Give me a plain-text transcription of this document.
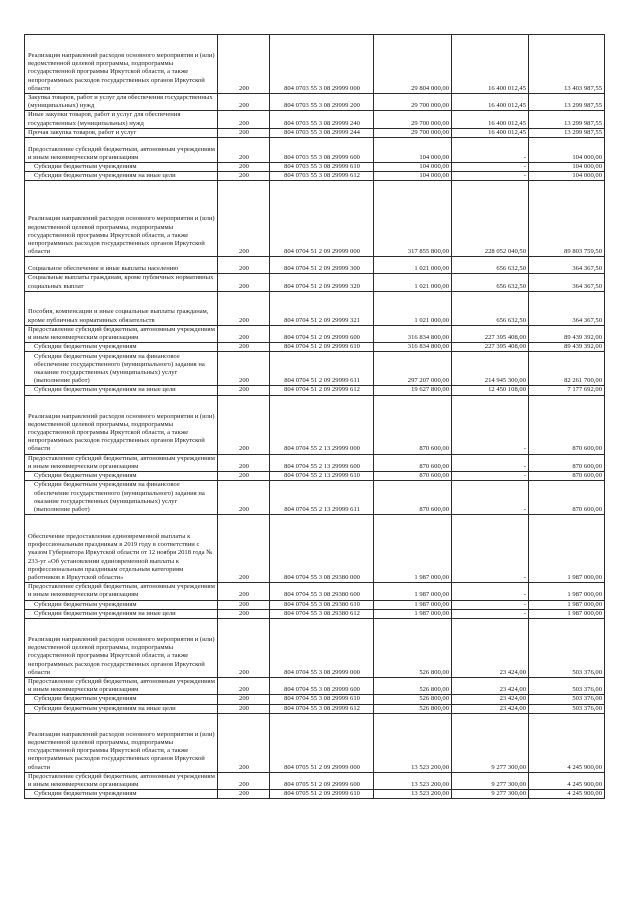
Реализация направлений расходов основного мероприятия и (или) ведомственной целевой программы, подпрограммы государственной программы Иркутской области, а также непрограммных расходов государственных органов Иркутской области	200	804 0703 55 3 08 29999 000	29 804 000,00	16 400 012,45	13 403 987,55

Закупка товаров, работ и услуг для обеспечения государственных (муниципальных) нужд	200	804 0703 55 3 08 29999 200	29 700 000,00	16 400 012,45	13 299 987,55

Иные закупки товаров, работ и услуг для обеспечения государственных (муниципальных) нужд	200	804 0703 55 3 08 29999 240	29 700 000,00	16 400 012,45	13 299 987,55

Прочая закупка товаров, работ и услуг	200	804 0703 55 3 08 29999 244	29 700 000,00	16 400 012,45	13 299 987,55

Предоставление субсидий бюджетным, автономным учреждениям и иным некоммерческим организациям	200	804 0703 55 3 08 29999 600	104 000,00	-	104 000,00

Субсидии бюджетным учреждениям	200	804 0703 55 3 08 29999 610	104 000,00	-	104 000,00

Субсидии бюджетным учреждениям на иные цели	200	804 0703 55 3 08 29999 612	104 000,00	-	104 000,00

Реализация направлений расходов основного мероприятия и (или) ведомственной целевой программы, подпрограммы государственной программы Иркутской области, а также непрограммных расходов государственных органов Иркутской области	200	804 0704 51 2 09 29999 000	317 855 800,00	228 052 040,50	89 803 759,50

Социальное обеспечение и иные выплаты населению	200	804 0704 51 2 09 29999 300	1 021 000,00	656 632,50	364 367,50

Социальные выплаты гражданам, кроме публичных нормативных социальных выплат	200	804 0704 51 2 09 29999 320	1 021 000,00	656 632,50	364 367,50

Пособия, компенсации и иные социальные выплаты гражданам, кроме публичных нормативных обязательств	200	804 0704 51 2 09 29999 321	1 021 000,00	656 632,50	364 367,50

Предоставление субсидий бюджетным, автономным учреждениям и иным некоммерческим организациям	200	804 0704 51 2 09 29999 600	316 834 800,00	227 395 408,00	89 439 392,00

Субсидии бюджетным учреждениям	200	804 0704 51 2 09 29999 610	316 834 800,00	227 395 408,00	89 439 392,00

Субсидии бюджетным учреждениям на финансовое обеспечение государственного (муниципального) задания на оказание государственных (муниципальных) услуг (выполнение работ)	200	804 0704 51 2 09 29999 611	297 207 000,00	214 945 300,00	82 261 700,00

Субсидии бюджетным учреждениям на иные цели	200	804 0704 51 2 09 29999 612	19 627 800,00	12 450 108,00	7 177 692,00

Реализация направлений расходов основного мероприятия и (или) ведомственной целевой программы, подпрограммы государственной программы Иркутской области, а также непрограммных расходов государственных органов Иркутской области	200	804 0704 55 2 13 29999 000	870 600,00	-	870 600,00

Предоставление субсидий бюджетным, автономным учреждениям и иным некоммерческим организациям	200	804 0704 55 2 13 29999 600	870 600,00	-	870 600,00

Субсидии бюджетным учреждениям	200	804 0704 55 2 13 29999 610	870 600,00	-	870 600,00

Субсидии бюджетным учреждениям на финансовое обеспечение государственного (муниципального) задания на оказание государственных (муниципальных) услуг (выполнение работ)	200	804 0704 55 2 13 29999 611	870 600,00	-	870 600,00

Обеспечение предоставления единовременной выплаты к профессиональным праздникам в 2019 году в соответствии с указом Губернатора Иркутской области от 12 ноября 2018 года № 233-уг «Об установлении единовременной выплаты к профессиональным праздникам отдельным категориям работников в Иркутской области»	200	804 0704 55 3 08 29380 000	1 987 000,00	-	1 987 000,00

Предоставление субсидий бюджетным, автономным учреждениям и иным некоммерческим организациям	200	804 0704 55 3 08 29380 600	1 987 000,00	-	1 987 000,00

Субсидии бюджетным учреждениям	200	804 0704 55 3 08 29380 610	1 987 000,00	-	1 987 000,00

Субсидии бюджетным учреждениям на иные цели	200	804 0704 55 3 08 29380 612	1 987 000,00	-	1 987 000,00

Реализация направлений расходов основного мероприятия и (или) ведомственной целевой программы, подпрограммы государственной программы Иркутской области, а также непрограммных расходов государственных органов Иркутской области	200	804 0704 55 3 08 29999 000	526 800,00	23 424,00	503 376,00

Предоставление субсидий бюджетным, автономным учреждениям и иным некоммерческим организациям	200	804 0704 55 3 08 29999 600	526 800,00	23 424,00	503 376,00

Субсидии бюджетным учреждениям	200	804 0704 55 3 08 29999 610	526 800,00	23 424,00	503 376,00

Субсидии бюджетным учреждениям на иные цели	200	804 0704 55 3 08 29999 612	526 800,00	23 424,00	503 376,00

Реализация направлений расходов основного мероприятия и (или) ведомственной целевой программы, подпрограммы государственной программы Иркутской области, а также непрограммных расходов государственных органов Иркутской области	200	804 0705 51 2 09 29999 000	13 523 200,00	9 277 300,00	4 245 900,00

Предоставление субсидий бюджетным, автономным учреждениям и иным некоммерческим организациям	200	804 0705 51 2 09 29999 600	13 523 200,00	9 277 300,00	4 245 900,00

Субсидии бюджетным учреждениям	200	804 0705 51 2 09 29999 610	13 523 200,00	9 277 300,00	4 245 900,00
